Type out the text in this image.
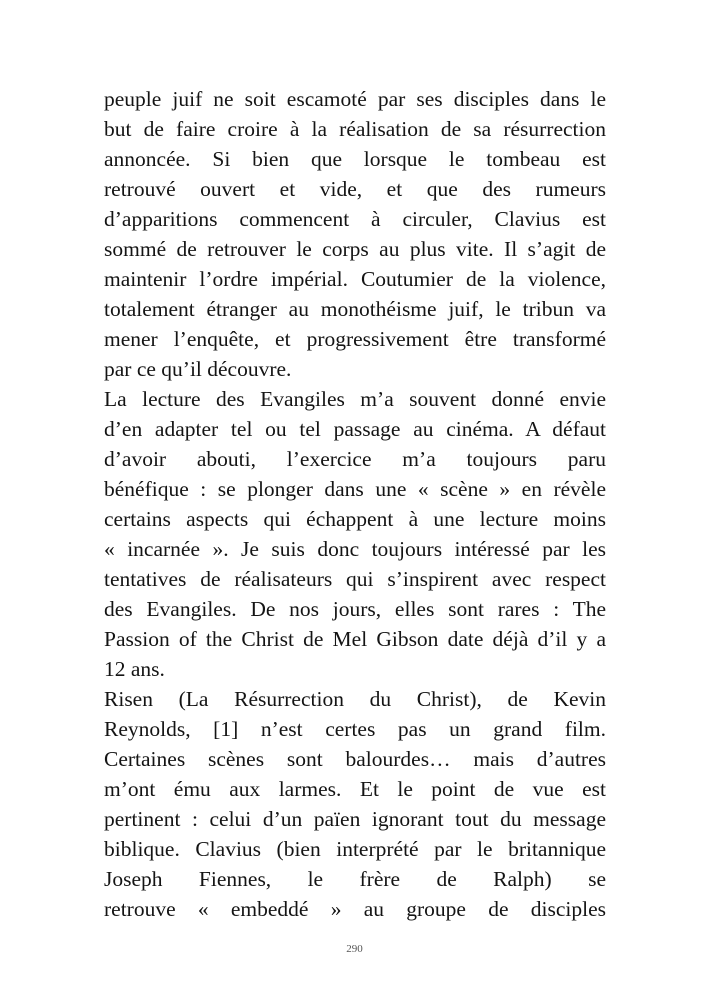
peuple juif ne soit escamoté par ses disciples dans le
but de faire croire à la réalisation de sa résurrection
annoncée. Si bien que lorsque le tombeau est
retrouvé ouvert et vide, et que des rumeurs
d’apparitions commencent à circuler, Clavius est
sommé de retrouver le corps au plus vite. Il s’agit de
maintenir l’ordre impérial. Coutumier de la violence,
totalement étranger au monothéisme juif, le tribun va
mener l’enquête, et progressivement être transformé
par ce qu’il découvre.
La lecture des Evangiles m’a souvent donné envie
d’en adapter tel ou tel passage au cinéma. A défaut
d’avoir abouti, l’exercice m’a toujours paru
bénéfique : se plonger dans une « scène » en révèle
certains aspects qui échappent à une lecture moins
« incarnée ». Je suis donc toujours intéressé par les
tentatives de réalisateurs qui s’inspirent avec respect
des Evangiles. De nos jours, elles sont rares : The
Passion of the Christ de Mel Gibson date déjà d’il y a
12 ans.
Risen (La Résurrection du Christ), de Kevin
Reynolds, [1] n’est certes pas un grand film.
Certaines scènes sont balourdes… mais d’autres
m’ont ému aux larmes. Et le point de vue est
pertinent : celui d’un païen ignorant tout du message
biblique. Clavius (bien interprété par le britannique
Joseph Fiennes, le frère de Ralph) se
retrouve « embeddé » au groupe de disciples
290
